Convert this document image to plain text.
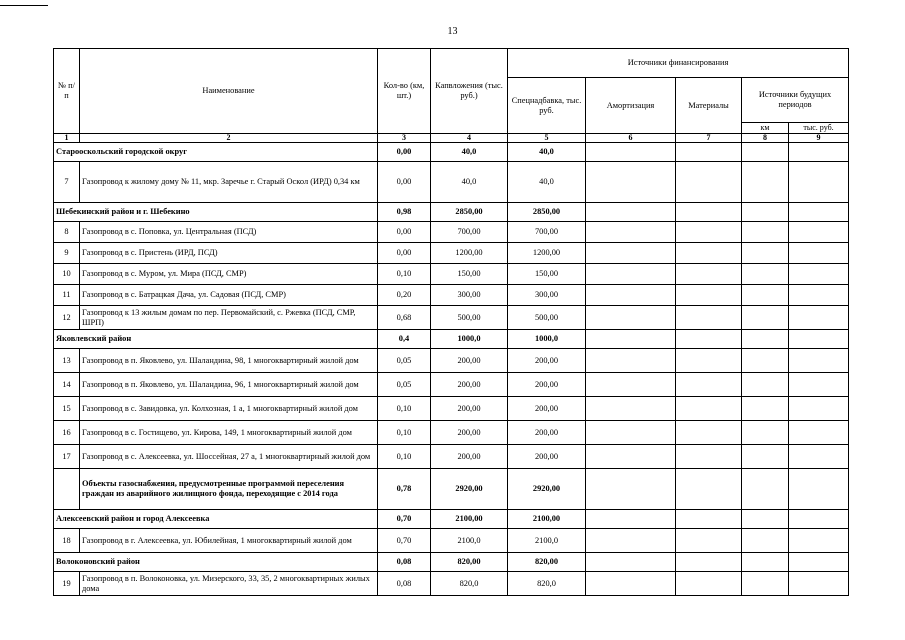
13
№ п/п	Наименование	Кол-во (км, шт.)	Капвложения (тыс. руб.)	Источники финансирования				
				Спецнадбавка, тыс. руб.	Амортизация	Материалы	Источники будущих периодов	
							км	тыс. руб.
1	2	3	4	5	6	7	8	9
Старооскольский городской округ		0,00	40,0	40,0				
7	Газопровод к жилому дому № 11, мкр. Заречье г. Старый Оскол (ИРД) 0,34 км	0,00	40,0	40,0				
Шебекинский район и г. Шебекино		0,98	2850,00	2850,00				
8	Газопровод в с. Поповка, ул. Центральная (ПСД)	0,00	700,00	700,00				
9	Газопровод в с. Пристень (ИРД, ПСД)	0,00	1200,00	1200,00				
10	Газопровод в с. Муром, ул. Мира (ПСД, СМР)	0,10	150,00	150,00				
11	Газопровод в с. Батрацкая Дача, ул. Садовая (ПСД, СМР)	0,20	300,00	300,00				
12	Газопровод к 13 жилым домам по пер. Первомайский, с. Ржевка (ПСД, СМР, ШРП)	0,68	500,00	500,00				
Яковлевский район		0,4	1000,0	1000,0				
13	Газопровод в п. Яковлево, ул. Шаландина, 98, 1 многоквартирный жилой дом	0,05	200,00	200,00				
14	Газопровод в п. Яковлево, ул. Шаландина, 96, 1 многоквартирный жилой дом	0,05	200,00	200,00				
15	Газопровод в с. Завидовка, ул. Колхозная, 1 а, 1 многоквартирный жилой дом	0,10	200,00	200,00				
16	Газопровод в с. Гостищево, ул. Кирова, 149, 1 многоквартирный жилой дом	0,10	200,00	200,00				
17	Газопровод в с. Алексеевка, ул. Шоссейная, 27 а, 1 многоквартирный жилой дом	0,10	200,00	200,00				
	Объекты газоснабжения, предусмотренные программой переселения граждан из аварийного жилищного фонда, переходящие с 2014 года	0,78	2920,00	2920,00				
Алексеевский район и город Алексеевка		0,70	2100,00	2100,00				
18	Газопровод в г. Алексеевка, ул. Юбилейная, 1 многоквартирный жилой дом	0,70	2100,0	2100,0				
Волоконовский район		0,08	820,00	820,00				
19	Газопровод в п. Волоконовка, ул. Мизерского, 33, 35, 2 многоквартирных жилых дома	0,08	820,0	820,0				
